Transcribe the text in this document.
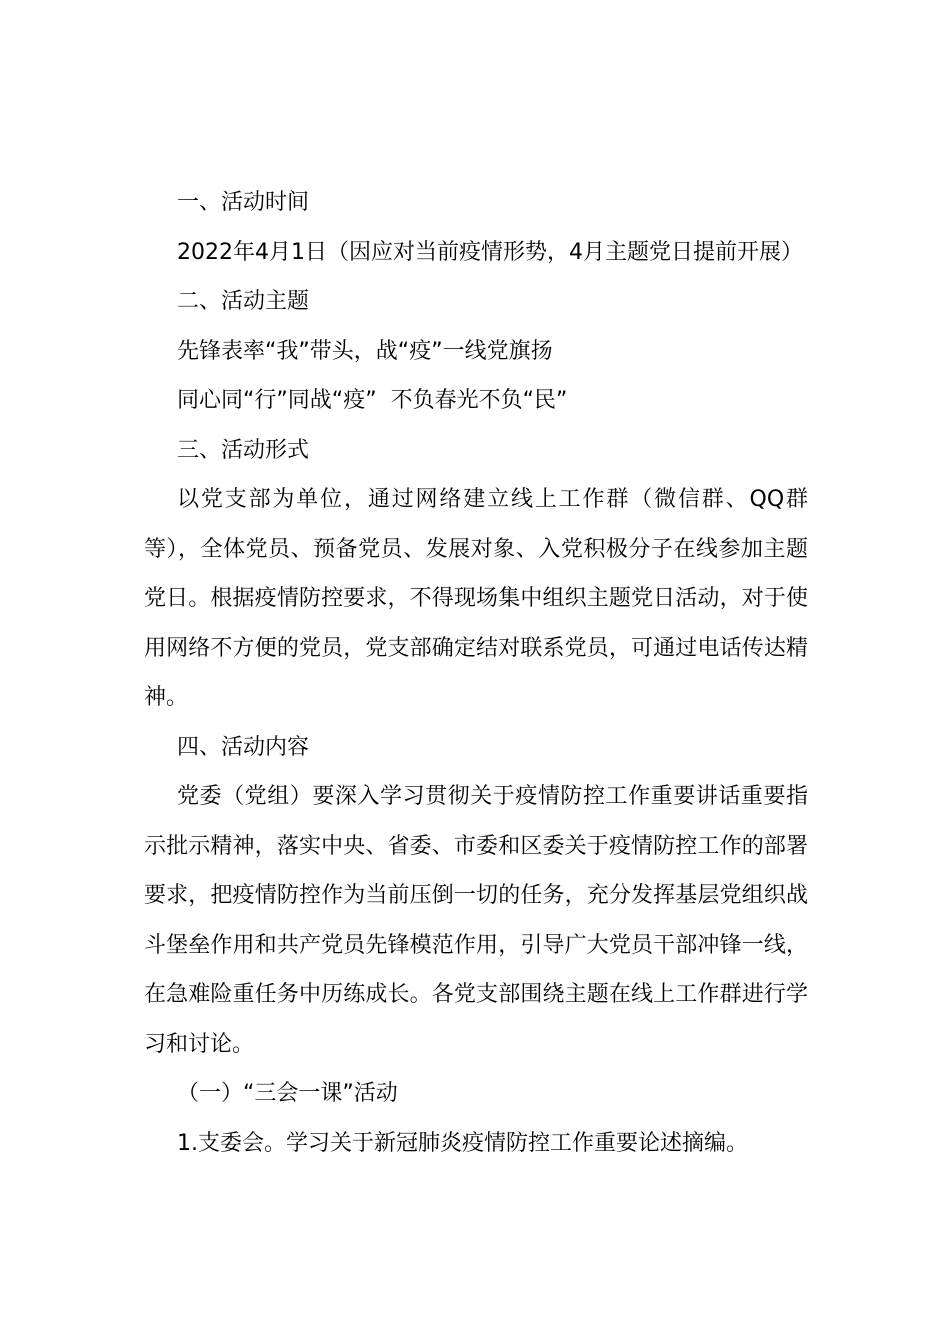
一、活动时间

2022年4月1日（因应对当前疫情形势，4月主题党日提前开展）

二、活动主题

先锋表率“我”带头，战“疫”一线党旗扬

同心同“行”同战“疫”  不负春光不负“民”

三、活动形式

以党支部为单位，通过网络建立线上工作群（微信群、QQ群等），全体党员、预备党员、发展对象、入党积极分子在线参加主题党日。根据疫情防控要求，不得现场集中组织主题党日活动，对于使用网络不方便的党员，党支部确定结对联系党员，可通过电话传达精神。

四、活动内容

党委（党组）要深入学习贯彻关于疫情防控工作重要讲话重要指示批示精神，落实中央、省委、市委和区委关于疫情防控工作的部署要求，把疫情防控作为当前压倒一切的任务，充分发挥基层党组织战斗堡垒作用和共产党员先锋模范作用，引导广大党员干部冲锋一线，在急难险重任务中历练成长。各党支部围绕主题在线上工作群进行学习和讨论。

（一）“三会一课”活动

1.支委会。学习关于新冠肺炎疫情防控工作重要论述摘编。
